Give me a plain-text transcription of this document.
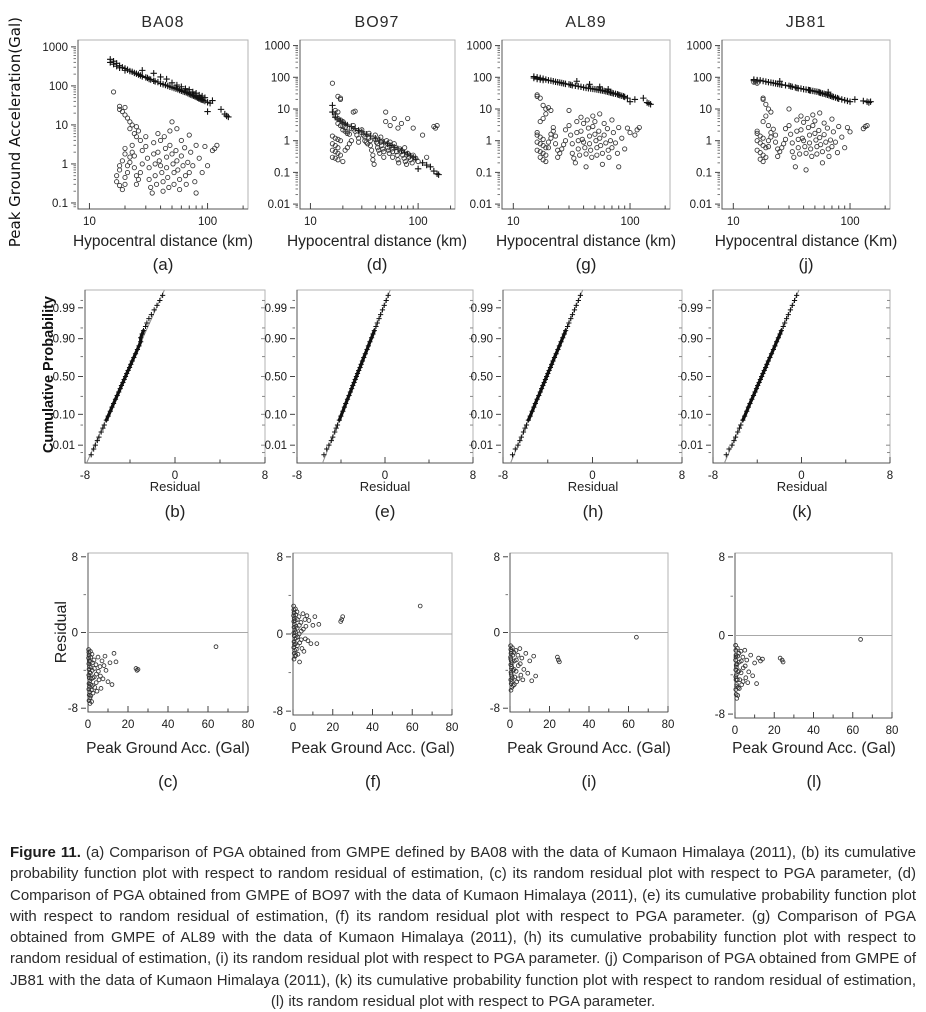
Peak Ground Acceleration(Gal)
Cumulative Probability
Residual
BA08	BO97	AL89	JB81
10	100
1000
100
10
1
0.1
10	100
1000
100
10
1
0.1
0.01
10	100
1000
100
10
1
0.1
0.01
10	100
1000
100
10
1
0.1
0.01
-8	0	8
0.99
0.90
0.50
0.10
0.01
-8	0	8
0.99
0.90
0.50
0.10
0.01
-8	0	8
0.99
0.90
0.50
0.10
0.01
-8	0	8
0.99
0.90
0.50
0.10
0.01
0	20 40 60 80
8
0
-8
0	20 40 60 80
8
0
-8
0	20 40 60 80
8
0
-8
0	20 40 60 80
8
0
-8
Hypocentral distance (km)	Hypocentral distance (km)	Hypocentral distance (km)	Hypocentral distance (Km)
Residual	Residual	Residual	Residual
Peak Ground Acc. (Gal)	Peak Ground Acc. (Gal)	Peak Ground Acc. (Gal)	Peak Ground Acc. (Gal)
(a)	(d)	(g)	(j)
(b)	(e)	(h)	(k)
(c)	(f)	(i)	(l)

Figure 11. (a) Comparison of PGA obtained from GMPE defined by BA08 with the data of Kumaon Himalaya (2011), (b) its cumulative probability function plot with respect to random residual of estimation, (c) its random residual plot with respect to PGA parameter, (d) Comparison of PGA obtained from GMPE of BO97 with the data of Kumaon Himalaya (2011), (e) its cumulative probability function plot with respect to random residual of estimation, (f) its random residual plot with respect to PGA parameter. (g) Comparison of PGA obtained from GMPE of AL89 with the data of Kumaon Himalaya (2011), (h) its cumulative probability function plot with respect to random residual of estimation, (i) its random residual plot with respect to PGA parameter. (j) Comparison of PGA obtained from GMPE of JB81 with the data of Kumaon Himalaya (2011), (k) its cumulative probability function plot with respect to random residual of estimation, (l) its random residual plot with respect to PGA parameter.
